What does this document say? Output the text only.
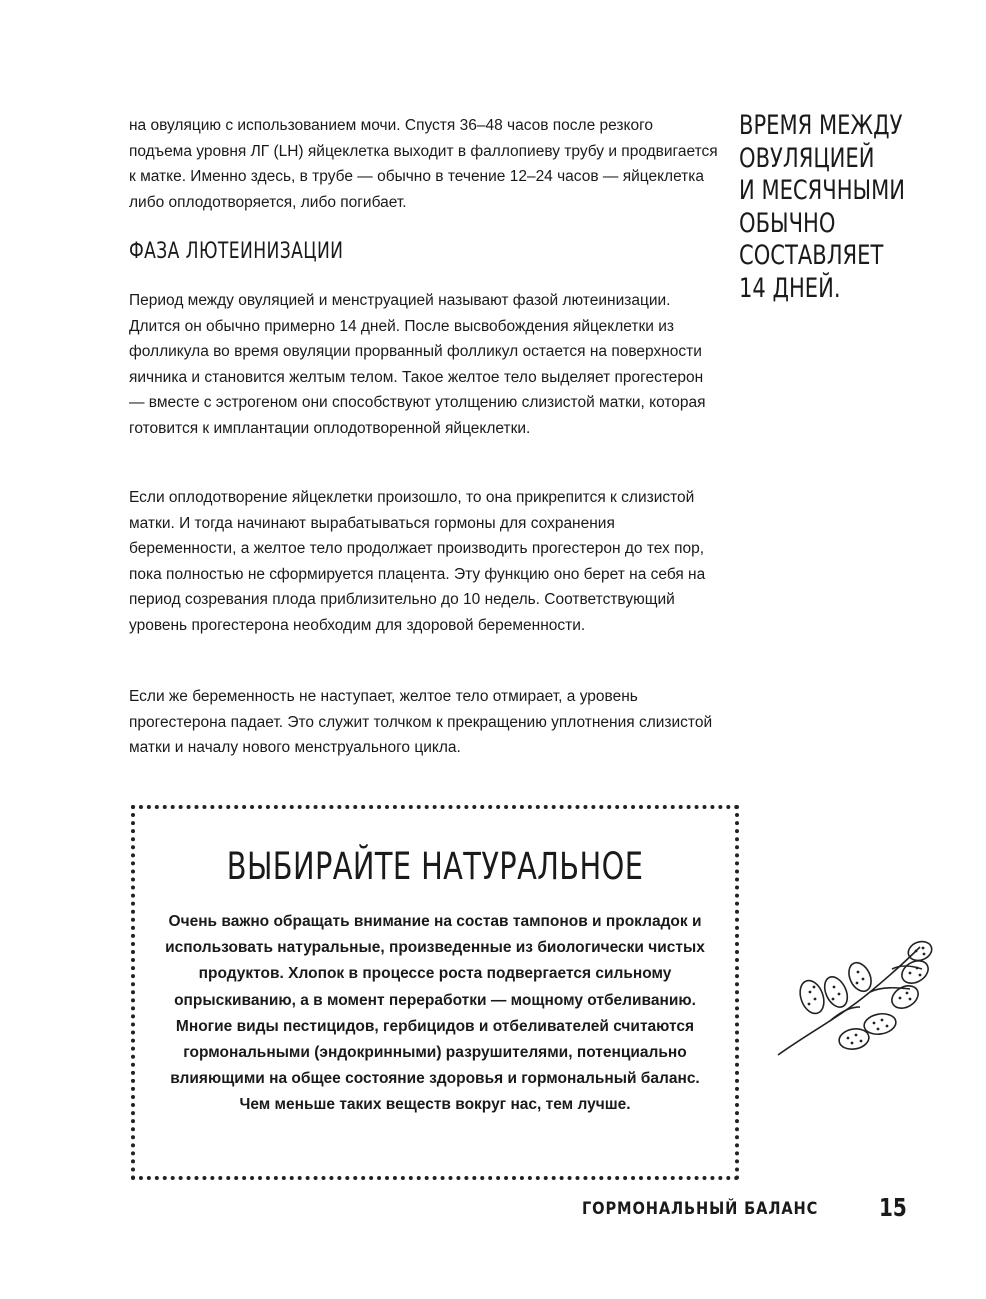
на овуляцию с использованием мочи. Спустя 36–48 часов после резкого подъема уровня ЛГ (LH) яйцеклетка выходит в фаллопиеву трубу и продвигается к матке. Именно здесь, в трубе — обычно в течение 12–24 часов — яйцеклетка либо оплодотворяется, либо погибает.

ФАЗА ЛЮТЕИНИЗАЦИИ

Период между овуляцией и менструацией называют фазой лютеинизации. Длится он обычно примерно 14 дней. После высвобождения яйцеклетки из фолликула во время овуляции прорванный фолликул остается на поверхности яичника и становится желтым телом. Такое желтое тело выделяет прогестерон — вместе с эстрогеном они способствуют утолщению слизистой матки, которая готовится к имплантации оплодотворенной яйцеклетки.

Если оплодотворение яйцеклетки произошло, то она прикрепится к слизистой матки. И тогда начинают вырабатываться гормоны для сохранения беременности, а желтое тело продолжает производить прогестерон до тех пор, пока полностью не сформируется плацента. Эту функцию оно берет на себя на период созревания плода приблизительно до 10 недель. Соответствующий уровень прогестерона необходим для здоровой беременности.

Если же беременность не наступает, желтое тело отмирает, а уровень прогестерона падает. Это служит толчком к прекращению уплотнения слизистой матки и началу нового менструального цикла.

ВРЕМЯ МЕЖДУ
ОВУЛЯЦИЕЙ
И МЕСЯЧНЫМИ
ОБЫЧНО
СОСТАВЛЯЕТ
14 ДНЕЙ.
ВЫБИРАЙТЕ НАТУРАЛЬНОЕ

Очень важно обращать внимание на состав тампонов и прокладок и использовать натуральные, произведенные из биологически чистых продуктов. Хлопок в процессе роста подвергается сильному опрыскиванию, а в момент переработки — мощному отбеливанию. Многие виды пестицидов, гербицидов и отбеливателей считаются гормональными (эндокринными) разрушителями, потенциально влияющими на общее состояние здоровья и гормональный баланс. Чем меньше таких веществ вокруг нас, тем лучше.

ГОРМОНАЛЬНЫЙ БАЛАНС 15
